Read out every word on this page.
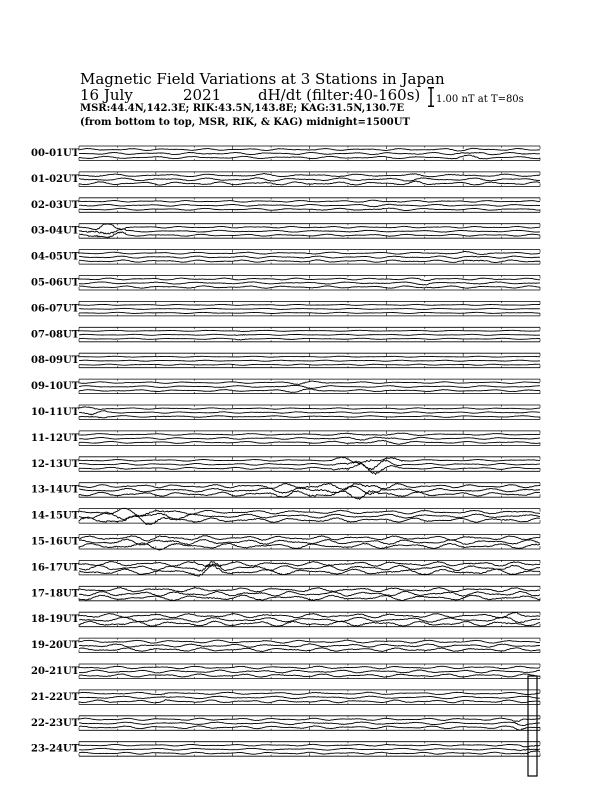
Magnetic Field Variations at 3 Stations in Japan
16 July	2021 dH/dt (filter:40-160s)
MSR:44.4N,142.3E; RIK:43.5N,143.8E; KAG:31.5N,130.7E
(from bottom to top, MSR, RIK, & KAG) midnight=1500UT
1.00 nT at T=80s
00-01UT
01-02UT
02-03UT
03-04UT
04-05UT
05-06UT
06-07UT
07-08UT
08-09UT
09-10UT
10-11UT
11-12UT
12-13UT
13-14UT
14-15UT
15-16UT
16-17UT
17-18UT
18-19UT
19-20UT
20-21UT
21-22UT
22-23UT
23-24UT
